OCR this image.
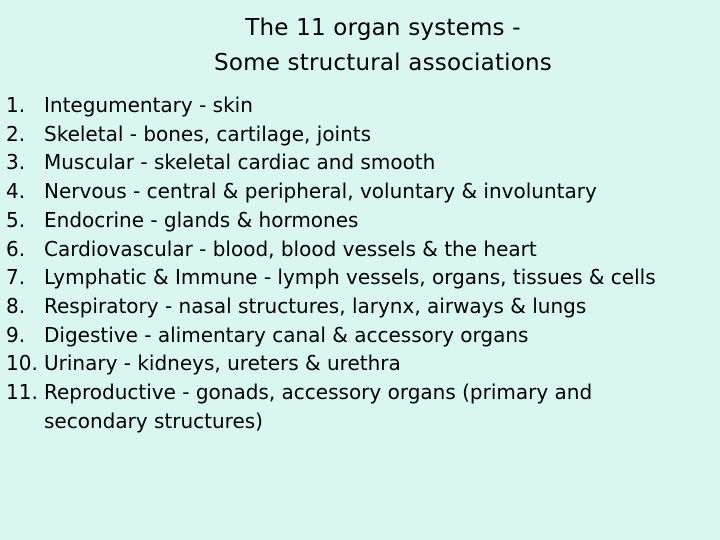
The 11 organ systems -
Some structural associations
1. Integumentary - skin
2. Skeletal - bones, cartilage, joints
3. Muscular - skeletal cardiac and smooth
4. Nervous - central & peripheral, voluntary & involuntary
5. Endocrine - glands & hormones
6. Cardiovascular - blood, blood vessels & the heart
7. Lymphatic & Immune - lymph vessels, organs, tissues & cells
8. Respiratory - nasal structures, larynx, airways & lungs
9. Digestive - alimentary canal & accessory organs
10. Urinary - kidneys, ureters & urethra
11. Reproductive - gonads, accessory organs (primary and
secondary structures)
